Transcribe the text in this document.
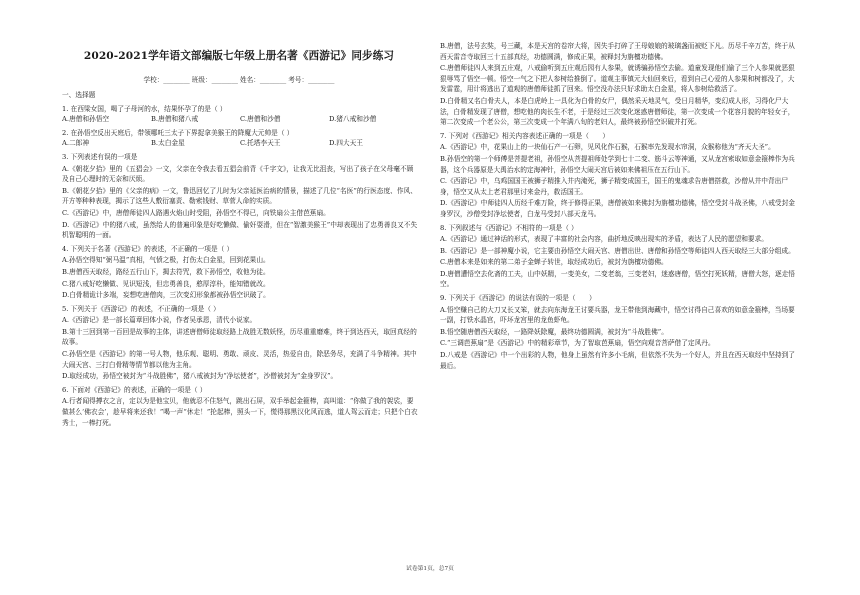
2020-2021学年语文部编版七年级上册名著《西游记》同步练习
学校：________ 班级：________ 姓名：________ 考号：________

一、选择题

1. 在西梁女国，喝了子母河的水，结果怀孕了的是（ ）

A.唐僧和孙悟空	B.唐僧和猪八戒	C.唐僧和沙僧	D.猪八戒和沙僧

2. 在孙悟空反出天庭后，带领哪吒三太子下界捉拿美猴王的降魔大元帅是（ ）

A.二郎神	B.太白金星	C.托塔李天王	D.四大天王

3. 下列表述有误的一项是

A.《朝花夕拾》里的《五猖会》一文，父亲在令我去看五猖会前背《千字文》，让我无比沮丧，写出了孩子在父母毫不顾及自己心理时的无奈和厌烦。

B.《朝花夕拾》里的《父亲的病》一文，鲁迅回忆了儿时为父亲延医治病的情景，描述了几位“名医”的行医态度、作风、开方等种种表现，揭示了这些人敷衍塞责、勒索钱财、草菅人命的实质。

C.《西游记》中，唐僧师徒四人路遇火焰山时受阻，孙悟空不得已，向铁扇公主借芭蕉扇。

D.《西游记》中的猪八戒，虽然给人的普遍印象是好吃懒做、偷奸耍滑，但在“智激美猴王”中却表现出了忠勇善良又不失机智聪明的一面。

4. 下列关于名著《西游记》的表述，不正确的一项是（ ）

A.孙悟空得知“弼马温”真相，气愤之极，打伤太白金星，回到花果山。

B.唐僧西天取经，路经五行山下，揭去符咒，救下孙悟空，收他为徒。

C.猪八戒好吃懒做、见识短浅，但忠勇善良，憨厚淳朴，能知错就改。

D.白骨精诡计多端，妄想吃唐僧肉，三次变幻形象都被孙悟空识破了。

5. 下列关于《西游记》的表述，不正确的一项是（ ）

A.《西游记》是一部长篇章回体小说，作者吴承恩，清代小说家。

B.第十三回到第一百回是故事的主体，讲述唐僧师徒取经路上战胜无数妖怪，历尽重重磨难，终于到达西天，取回真经的故事。

C.孙悟空是《西游记》的第一号人物，他乐观、聪明、勇敢、顽皮、灵活，热爱自由，除恶务尽，充满了斗争精神。其中大闹天宫、三打白骨精等情节都以他为主角。

D.取经成功，孙悟空被封为“斗战胜佛”，猪八戒被封为“净坛使者”，沙僧被封为“金身罗汉”。

6. 下面对《西游记》的表述，正确的一项是（ ）

A.行者闻得搏衣之言，定以为是他宝贝，他就忍不住怒气，跳出石屏，双手举起金箍棒，高叫道：“你做了我的袈裟，要做甚么‘佛衣会’，趁早将来还我！”喝一声“休走！”抡起棒，照头一下，慌得那黑汉化风而逃，道人驾云而走；只把个白衣秀士，一棒打死。

B.唐僧，法号玄奘，号三藏，本是天宫的卷帘大将，因失手打碎了王母娘娘的玻璃盏而被贬下凡。历尽千辛万苦，终于从西天雷音寺取回三十五部真经，功德圆满，修成正果，被释封为旃檀功德佛。

C.唐僧师徒四人来到五庄观，八戒偷听到五庄观后园有人参果，就诱骗孙悟空去偷。道童发现他们偷了三个人参果就恶狠狠辱骂了悟空一顿。悟空一气之下把人参树给推倒了。道观主事镇元大仙回来后，看到自己心爱的人参果和树都没了，大发雷霆，用计将逃出了道观的唐僧师徒抓了回来。悟空没办法只好求助太白金星，将人参树给救活了。

D.白骨精又名白骨夫人，本是白虎岭上一具化为白骨的女尸，偶然采天地灵气，受日月精华，变幻成人形，习得化尸大法，白骨精发现了唐僧，想吃他的肉长生不老，于是经过三次变化迷惑唐僧师徒，第一次变成一个花容月貌的年轻女子，第二次变成一个老公公，第三次变成一个年满八旬的老妇人，最终被孙悟空识破并打死。

7. 下列对《西游记》相关内容表述正确的一项是（　　）

A.《西游记》中，花果山上的一块仙石产一石卵，见风化作石猴，石猴率先发现水帘洞，众猴称他为“齐天大圣”。

B.孙悟空的第一个师傅是菩提老祖，孙悟空从菩提祖师处学到七十二变、筋斗云等神通，又从龙宫索取如意金箍棒作为兵器，这个兵器原是大禹治水的定海神针，孙悟空大闹天宫后被如来佛祖压在五行山下。

C.《西游记》中，乌鸡国国王被狮子精推入井内淹死，狮子精变成国王，国王的鬼魂求告唐僧搭救，沙僧从井中背出尸身，悟空又从太上老君那里讨来金丹，救活国王。

D.《西游记》中师徒四人历经千难万险，终于修得正果，唐僧被如来佛封为旃檀功德佛，悟空受封斗战圣佛，八戒受封金身罗汉，沙僧受封净坛使者，白龙马受封八部天龙马。

8. 下列叙述与《西游记》不相符的一项是（ ）

A.《西游记》通过神话的形式，表现了丰富的社会内容，曲折地反映出现实的矛盾，表达了人民的愿望和要求。

B.《西游记》是一部神魔小说，它主要由孙悟空大闹天宫、唐僧出世、唐僧和孙悟空等师徒四人西天取经三大部分组成。

C.唐僧本来是如来的第二弟子金蝉子转世，取经成功后，被封为旃檀功德佛。

D.唐僧遭悟空去化斋的工夫，山中妖精，一变美女，二变老翁，三变老妇，迷惑唐僧，悟空打死妖精，唐僧大怒，逐走悟空。

9. 下列关于《西游记》的说法有误的一项是（　　）

A.悟空赚自己的大刀又长又笨，就去向东海龙王讨要兵器，龙王带他到海藏中，悟空讨得自己喜欢的如意金箍棒，当场要一副，打铁水晶宫，吓坏龙宫里的龙鱼虾龟。

B.悟空随唐僧西天取经，一路降妖除魔，最终功德圆满，被封为“斗战胜佛”。

C.“三调芭蕉扇”是《西游记》中的精彩章节，为了智取芭蕉扇，悟空向观音菩萨借了定风丹。

D.八戒是《西游记》中一个出彩的人物，他身上虽然有许多小毛病，但依然不失为一个好人，并且在西天取经中坚持到了最后。

试卷第1页，总7页
